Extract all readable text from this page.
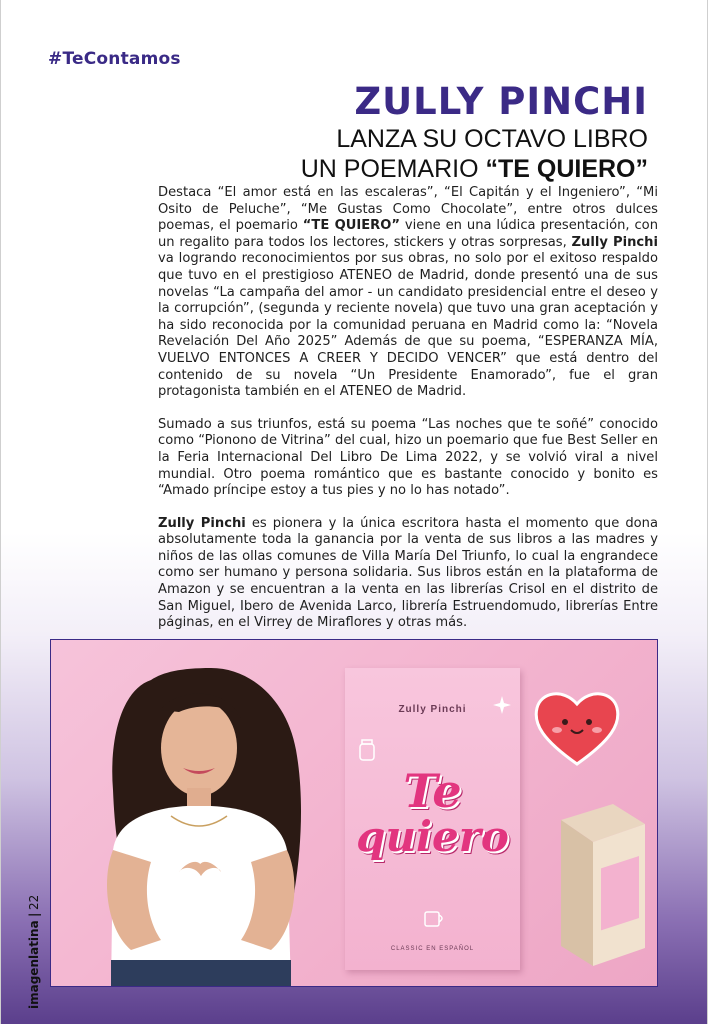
#TeContamos
ZULLY PINCHI
LANZA SU OCTAVO LIBRO
UN POEMARIO “TE QUIERO”

Destaca “El amor está en las escaleras”, “El Capitán y el Ingeniero”, “Mi Osito de Peluche”, “Me Gustas Como Chocolate”, entre otros dulces poemas, el poemario “TE QUIERO” viene en una lúdica presentación, con un regalito para todos los lectores, stickers y otras sorpresas, Zully Pinchi va logrando reconocimientos por sus obras, no solo por el exitoso respaldo que tuvo en el prestigioso ATENEO de Madrid, donde presentó una de sus novelas “La campaña del amor - un candidato presidencial entre el deseo y la corrupción”, (segunda y reciente novela) que tuvo una gran aceptación y ha sido reconocida por la comunidad peruana en Madrid como la: “Novela Revelación Del Año 2025” Además de que su poema, “ESPERANZA MÍA, VUELVO ENTONCES A CREER Y DECIDO VENCER” que está dentro del contenido de su novela “Un Presidente Enamorado”, fue el gran protagonista también en el ATENEO de Madrid.

Sumado a sus triunfos, está su poema “Las noches que te soñé” conocido como “Pionono de Vitrina” del cual, hizo un poemario que fue Best Seller en la Feria Internacional Del Libro De Lima 2022, y se volvió viral a nivel mundial. Otro poema romántico que es bastante conocido y bonito es “Amado príncipe estoy a tus pies y no lo has notado”.

Zully Pinchi es pionera y la única escritora hasta el momento que dona absolutamente toda la ganancia por la venta de sus libros a las madres y niños de las ollas comunes de Villa María Del Triunfo, lo cual la engrandece como ser humano y persona solidaria. Sus libros están en la plataforma de Amazon y se encuentran a la venta en las librerías Crisol en el distrito de San Miguel, Ibero de Avenida Larco, librería Estruendomudo, librerías Entre páginas, en el Virrey de Miraflores y otras más.

Zully Pinchi
Te
quiero
CLASSIC EN ESPAÑOL
imagenlatina
|
22
